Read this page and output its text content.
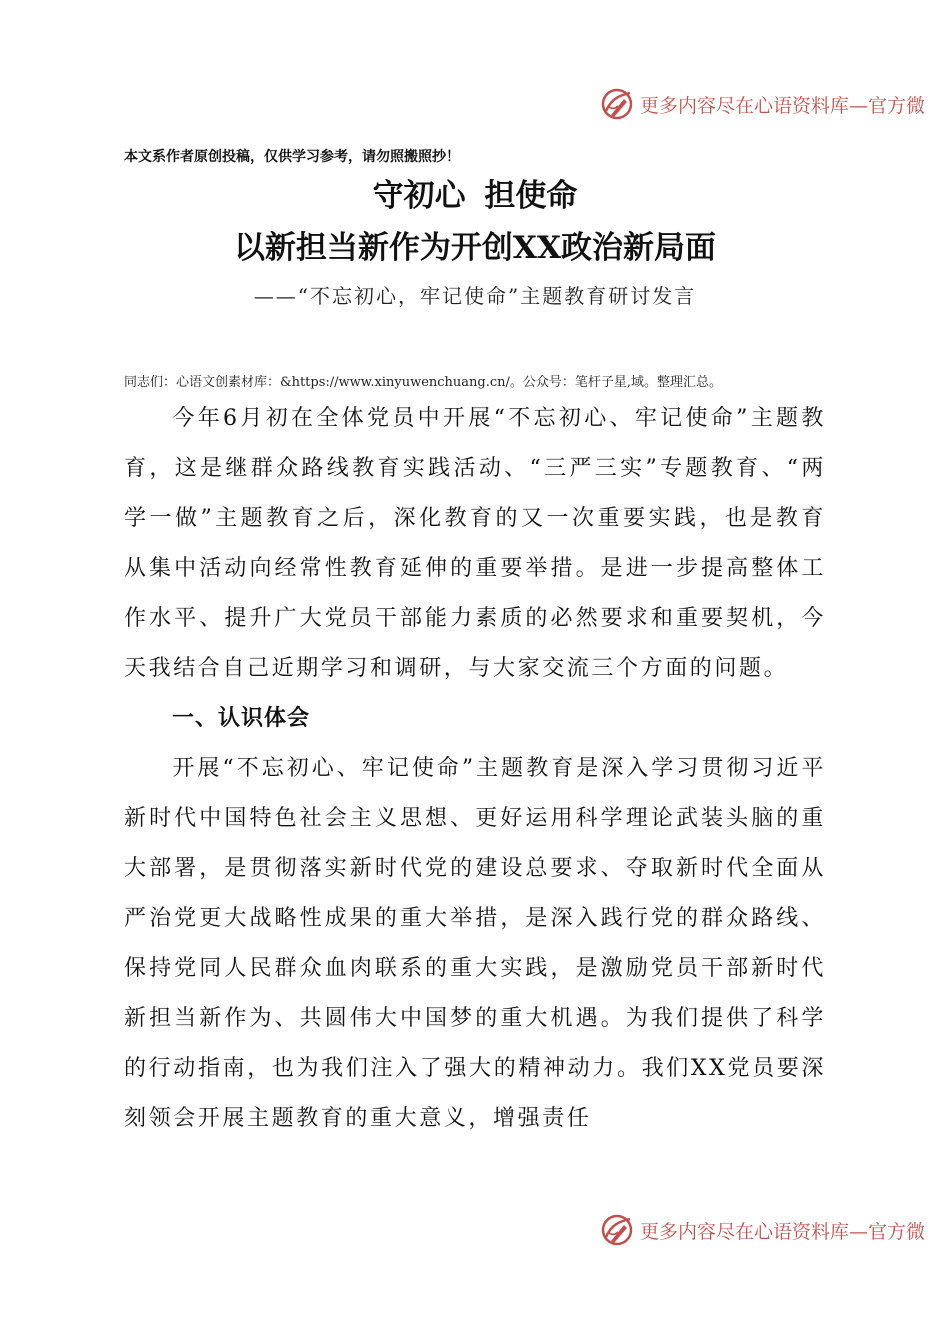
更多内容尽在心语资料库—官方微
本文系作者原创投稿，仅供学习参考，请勿照搬照抄！
守初心 担使命
以新担当新作为开创XX政治新局面
——“不忘初心，牢记使命”主题教育研讨发言
同志们：心语文创素材库：&https://www.xinyuwenchuang.cn/。公众号：笔杆子星,域。整理汇总。

今年6月初在全体党员中开展“不忘初心、牢记使命”主题教育，这是继群众路线教育实践活动、“三严三实”专题教育、“两学一做”主题教育之后，深化教育的又一次重要实践，也是教育从集中活动向经常性教育延伸的重要举措。是进一步提高整体工作水平、提升广大党员干部能力素质的必然要求和重要契机，今天我结合自己近期学习和调研，与大家交流三个方面的问题。

一、认识体会

开展“不忘初心、牢记使命”主题教育是深入学习贯彻习近平新时代中国特色社会主义思想、更好运用科学理论武装头脑的重大部署，是贯彻落实新时代党的建设总要求、夺取新时代全面从严治党更大战略性成果的重大举措，是深入践行党的群众路线、保持党同人民群众血肉联系的重大实践，是激励党员干部新时代新担当新作为、共圆伟大中国梦的重大机遇。为我们提供了科学的行动指南，也为我们注入了强大的精神动力。我们XX党员要深刻领会开展主题教育的重大意义，增强责任

更多内容尽在心语资料库—官方微
